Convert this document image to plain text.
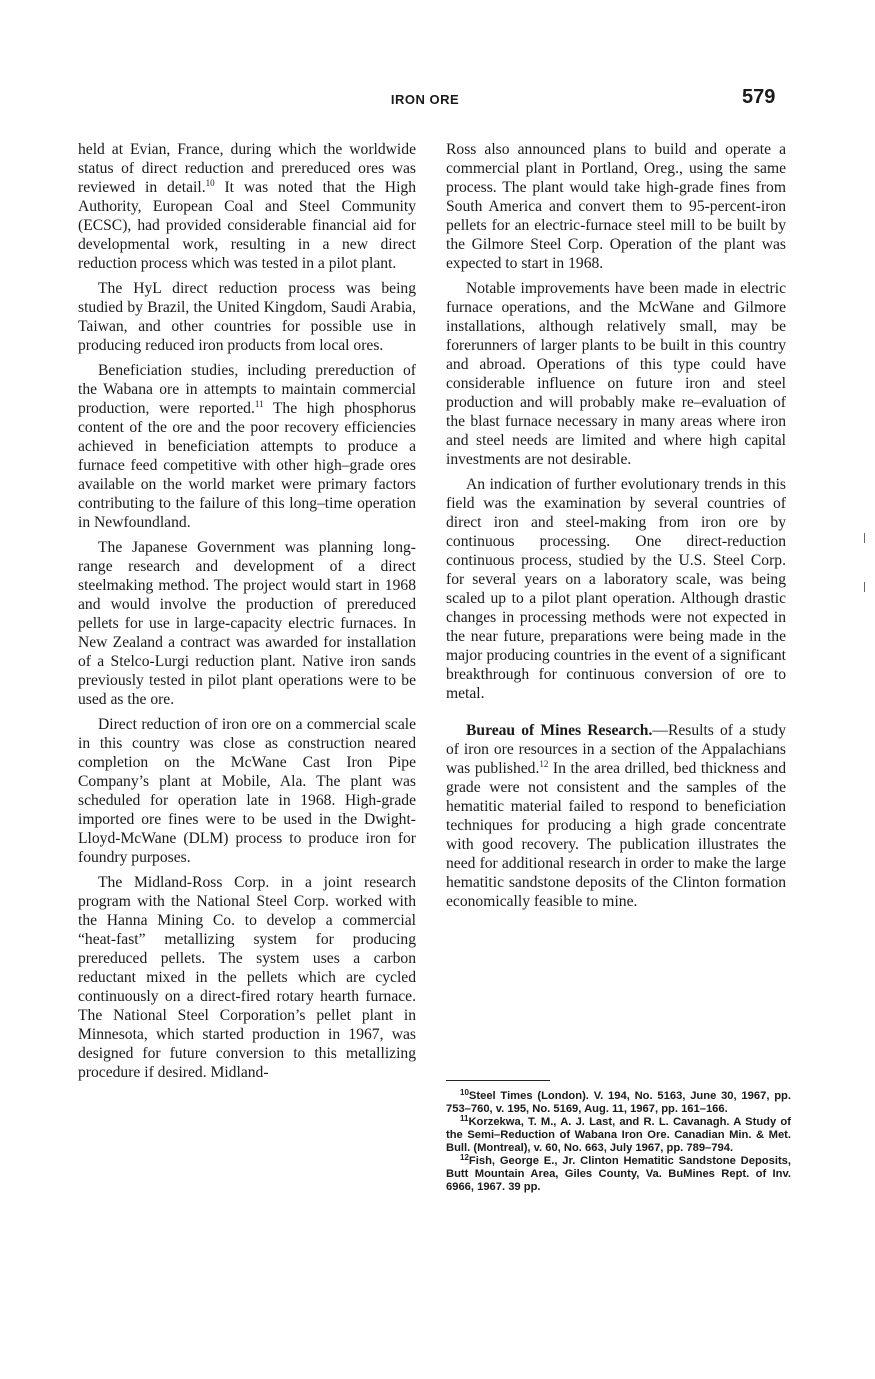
IRON ORE	579

held at Evian, France, during which the worldwide status of direct reduction and prereduced ores was reviewed in detail.$^{10}$ It was noted that the High Authority, European Coal and Steel Community (ECSC), had provided considerable financial aid for developmental work, resulting in a new direct reduction process which was tested in a pilot plant.

The HyL direct reduction process was being studied by Brazil, the United Kingdom, Saudi Arabia, Taiwan, and other countries for possible use in producing reduced iron products from local ores.

Beneficiation studies, including prereduction of the Wabana ore in attempts to maintain commercial production, were reported.$^{11}$ The high phosphorus content of the ore and the poor recovery efficiencies achieved in beneficiation attempts to produce a furnace feed competitive with other high–grade ores available on the world market were primary factors contributing to the failure of this long–time operation in Newfoundland.

The Japanese Government was planning long-range research and development of a direct steelmaking method. The project would start in 1968 and would involve the production of prereduced pellets for use in large-capacity electric furnaces. In New Zealand a contract was awarded for installation of a Stelco-Lurgi reduction plant. Native iron sands previously tested in pilot plant operations were to be used as the ore.

Direct reduction of iron ore on a commercial scale in this country was close as construction neared completion on the McWane Cast Iron Pipe Company’s plant at Mobile, Ala. The plant was scheduled for operation late in 1968. High-grade imported ore fines were to be used in the Dwight-Lloyd-McWane (DLM) process to produce iron for foundry purposes.

The Midland-Ross Corp. in a joint research program with the National Steel Corp. worked with the Hanna Mining Co. to develop a commercial “heat-fast” metallizing system for producing prereduced pellets. The system uses a carbon reductant mixed in the pellets which are cycled continuously on a direct-fired rotary hearth furnace. The National Steel Corporation’s pellet plant in Minnesota, which started production in 1967, was designed for future conversion to this metallizing procedure if desired. Midland-

Ross also announced plans to build and operate a commercial plant in Portland, Oreg., using the same process. The plant would take high-grade fines from South America and convert them to 95-percent-iron pellets for an electric-furnace steel mill to be built by the Gilmore Steel Corp. Operation of the plant was expected to start in 1968.

Notable improvements have been made in electric furnace operations, and the McWane and Gilmore installations, although relatively small, may be forerunners of larger plants to be built in this country and abroad. Operations of this type could have considerable influence on future iron and steel production and will probably make re–evaluation of the blast furnace necessary in many areas where iron and steel needs are limited and where high capital investments are not desirable.

An indication of further evolutionary trends in this field was the examination by several countries of direct iron and steel-making from iron ore by continuous processing. One direct-reduction continuous process, studied by the U.S. Steel Corp. for several years on a laboratory scale, was being scaled up to a pilot plant operation. Although drastic changes in processing methods were not expected in the near future, preparations were being made in the major producing countries in the event of a significant breakthrough for continuous conversion of ore to metal.

Bureau of Mines Research.—Results of a study of iron ore resources in a section of the Appalachians was published.$^{12}$ In the area drilled, bed thickness and grade were not consistent and the samples of the hematitic material failed to respond to beneficiation techniques for producing a high grade concentrate with good recovery. The publication illustrates the need for additional research in order to make the large hematitic sandstone deposits of the Clinton formation economically feasible to mine.

$^{10}$Steel Times (London). V. 194, No. 5163, June 30, 1967, pp. 753–760, v. 195, No. 5169, Aug. 11, 1967, pp. 161–166.

$^{11}$Korzekwa, T. M., A. J. Last, and R. L. Cavanagh. A Study of the Semi–Reduction of Wabana Iron Ore. Canadian Min. & Met. Bull. (Montreal), v. 60, No. 663, July 1967, pp. 789–794.

$^{12}$Fish, George E., Jr. Clinton Hematitic Sandstone Deposits, Butt Mountain Area, Giles County, Va. BuMines Rept. of Inv. 6966, 1967. 39 pp.
